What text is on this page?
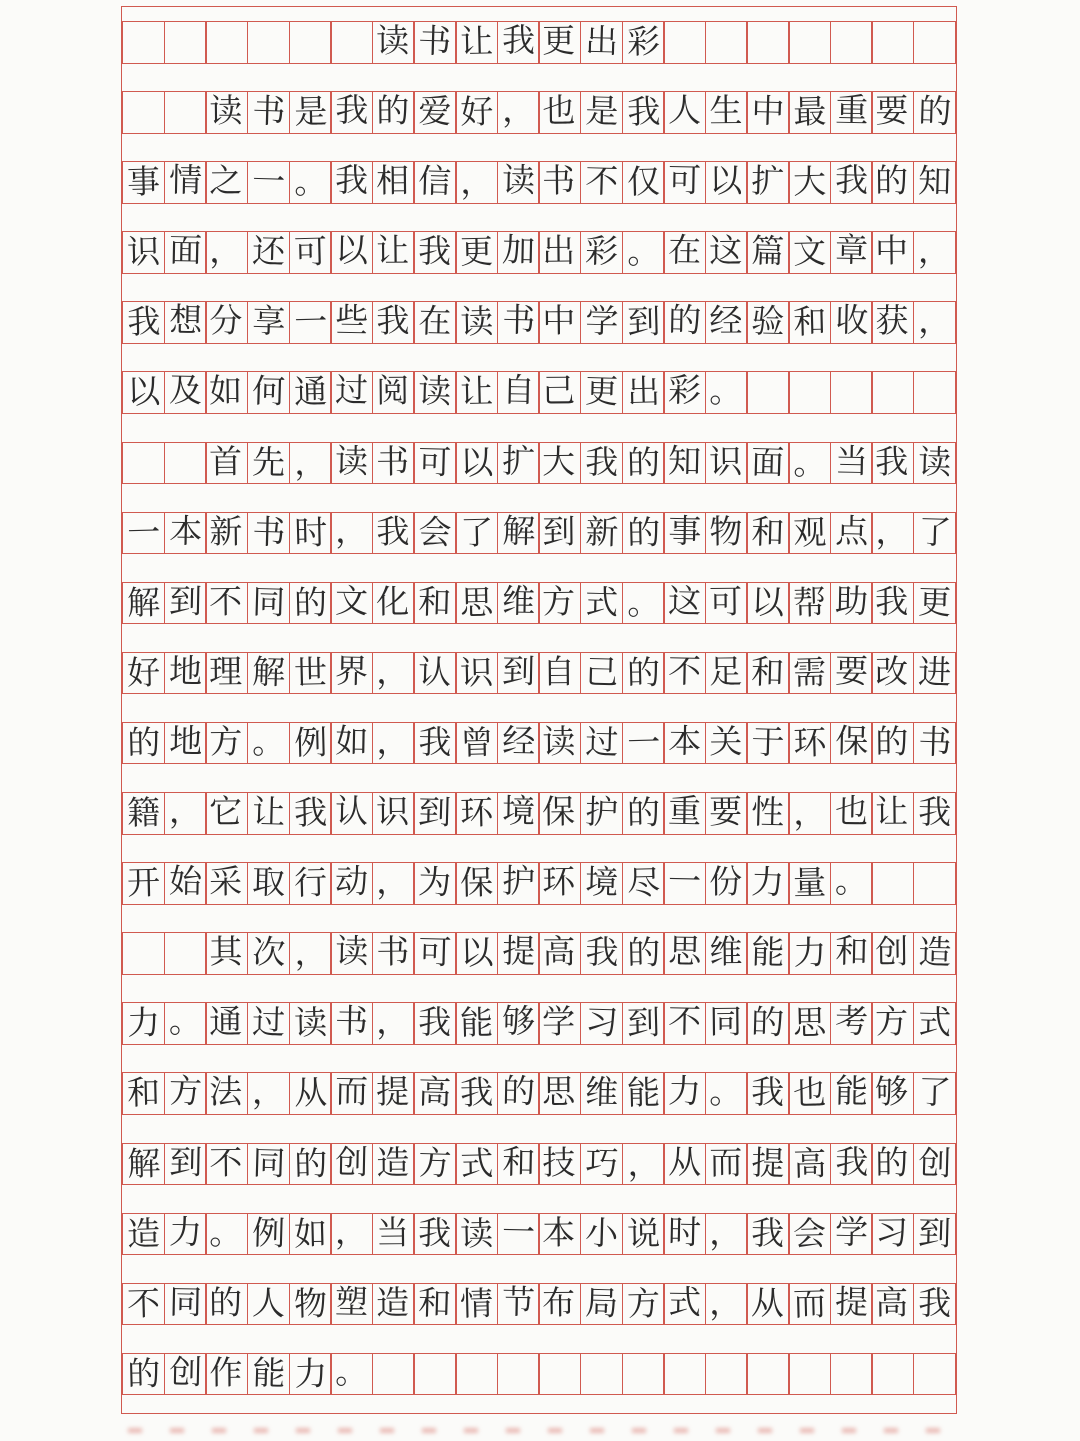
读 书 让 我 更 出 彩
读 书 是 我 的 爱 好 ， 也 是 我 人 生 中 最 重 要 的
事 情 之 一 。 我 相 信 ， 读 书 不 仅 可 以 扩 大 我 的 知
识 面 ， 还 可 以 让 我 更 加 出 彩 。 在 这 篇 文 章 中 ，
我 想 分 享 一 些 我 在 读 书 中 学 到 的 经 验 和 收 获 ，
以 及 如 何 通 过 阅 读 让 自 己 更 出 彩 。
首 先 ， 读 书 可 以 扩 大 我 的 知 识 面 。 当 我 读
一 本 新 书 时 ， 我 会 了 解 到 新 的 事 物 和 观 点 ， 了
解 到 不 同 的 文 化 和 思 维 方 式 。 这 可 以 帮 助 我 更
好 地 理 解 世 界 ， 认 识 到 自 己 的 不 足 和 需 要 改 进
的 地 方 。 例 如 ， 我 曾 经 读 过 一 本 关 于 环 保 的 书
籍 ， 它 让 我 认 识 到 环 境 保 护 的 重 要 性 ， 也 让 我
开 始 采 取 行 动 ， 为 保 护 环 境 尽 一 份 力 量 。
其 次 ， 读 书 可 以 提 高 我 的 思 维 能 力 和 创 造
力 。 通 过 读 书 ， 我 能 够 学 习 到 不 同 的 思 考 方 式
和 方 法 ， 从 而 提 高 我 的 思 维 能 力 。 我 也 能 够 了
解 到 不 同 的 创 造 方 式 和 技 巧 ， 从 而 提 高 我 的 创
造 力 。 例 如 ， 当 我 读 一 本 小 说 时 ， 我 会 学 习 到
不 同 的 人 物 塑 造 和 情 节 布 局 方 式 ， 从 而 提 高 我
的 创 作 能 力 。
